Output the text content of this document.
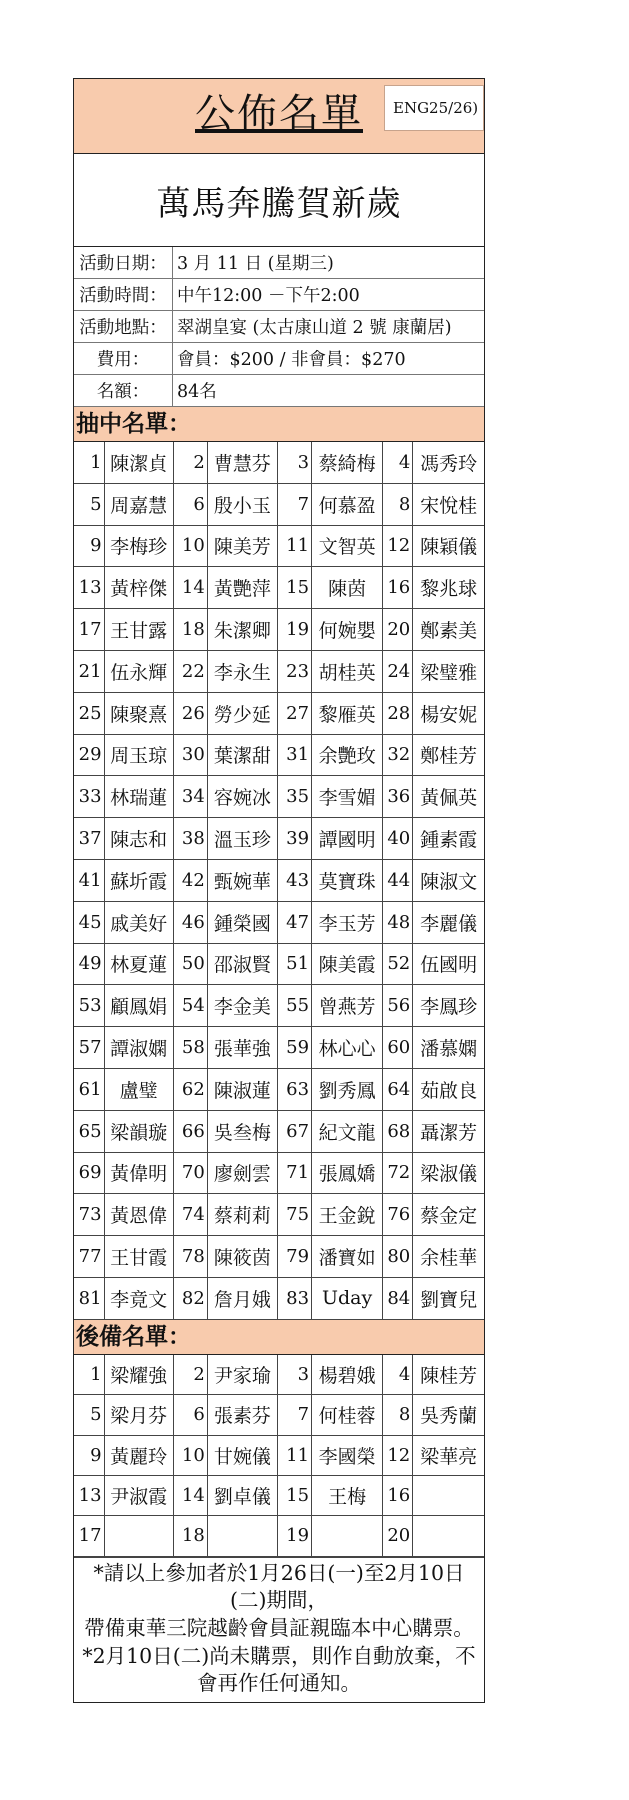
公佈名單	ENG25/26)
萬馬奔騰賀新歲
活動日期： 3 月 11 日 (星期三)
活動時間： 中午12:00 －下午2:00
活動地點： 翠湖皇宴 (太古康山道 2 號 康蘭居)
費用：	會員：$200 / 非會員：$270
名額：	84名
抽中名單：
1	陳潔貞	2	曹慧芬	3	蔡綺梅	4	馮秀玲
5	周嘉慧	6	殷小玉	7	何慕盈	8	宋悅桂
9	李梅珍	10	陳美芳	11	文智英	12	陳穎儀
13	黃梓傑	14	黃艷萍	15	陳茵	16	黎兆球
17	王甘露	18	朱潔卿	19	何婉嬰	20	鄭素美
21	伍永輝	22	李永生	23	胡桂英	24	梁璧雅
25	陳聚熹	26	勞少延	27	黎雁英	28	楊安妮
29	周玉琼	30	葉潔甜	31	余艷玫	32	鄭桂芳
33	林瑞蓮	34	容婉冰	35	李雪媚	36	黃佩英
37	陳志和	38	溫玉珍	39	譚國明	40	鍾素霞
41	蘇圻霞	42	甄婉華	43	莫寶珠	44	陳淑文
45	戚美好	46	鍾榮國	47	李玉芳	48	李麗儀
49	林夏蓮	50	邵淑賢	51	陳美霞	52	伍國明
53	顧鳳娟	54	李金美	55	曾燕芳	56	李鳳珍
57	譚淑嫻	58	張華強	59	林心心	60	潘慕嫻
61	盧璧	62	陳淑蓮	63	劉秀鳳	64	茹啟良
65	梁韻璇	66	吳叁梅	67	紀文龍	68	聶潔芳
69	黃偉明	70	廖劍雲	71	張鳳嬌	72	梁淑儀
73	黃恩偉	74	蔡莉莉	75	王金銳	76	蔡金定
77	王甘霞	78	陳筱茵	79	潘寶如	80	余桂華
81	李竟文	82	詹月娥	83	Uday	84	劉寶兒
後備名單：
1	梁耀強	2	尹家瑜	3	楊碧娥	4	陳桂芳
5	梁月芬	6	張素芬	7	何桂蓉	8	吳秀蘭
9	黃麗玲	10	甘婉儀	11	李國榮	12	梁華亮
13	尹淑霞	14	劉卓儀	15	王梅	16	
17		18		19		20	

*請以上參加者於1月26日(一)至2月10日(二)期間，

帶備東華三院越齡會員証親臨本中心購票。

*2月10日(二)尚未購票，則作自動放棄，不會再作任何通知。
